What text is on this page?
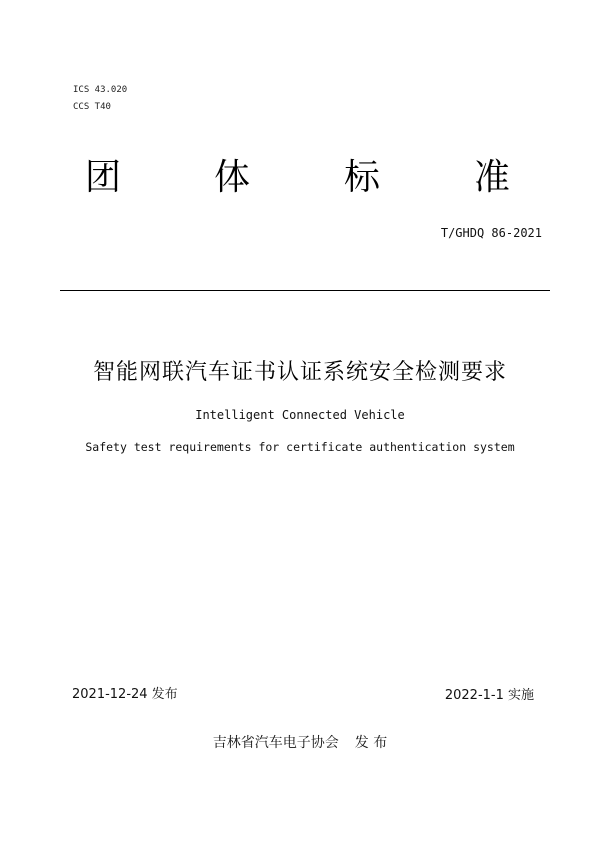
ICS 43.020
CCS T40
团	体	标	准
T/GHDQ 86-2021
智能网联汽车证书认证系统安全检测要求
Intelligent Connected Vehicle
Safety test requirements for certificate authentication system
2021-12-24 发布	2022-1-1 实施
吉林省汽车电子协会 发 布
